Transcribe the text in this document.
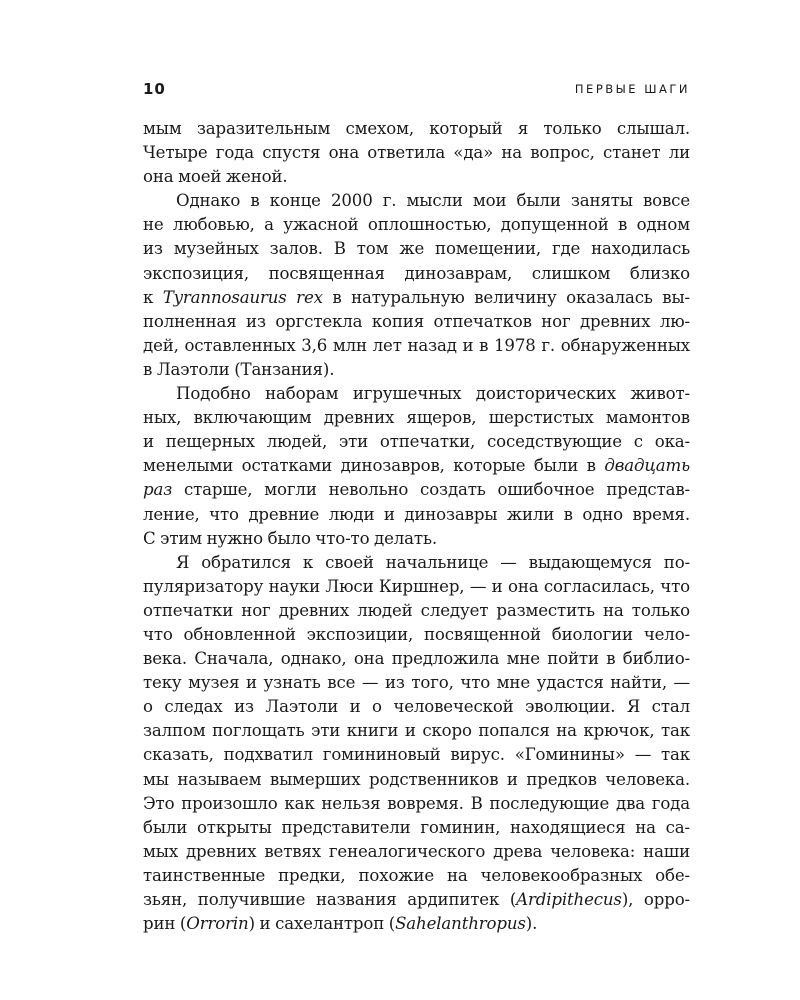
10	ПЕРВЫЕ ШАГИ

мым заразительным смехом, который я только слышал.

Четыре года спустя она ответила «да» на вопрос, станет ли

она моей женой.

Однако в конце 2000 г. мысли мои были заняты вовсе

не любовью, а ужасной оплошностью, допущенной в одном

из музейных залов. В том же помещении, где находилась

экспозиция, посвященная динозаврам, слишком близко

к Tyrannosaurus rex в натуральную величину оказалась вы-

полненная из оргстекла копия отпечатков ног древних лю-

дей, оставленных 3,6 млн лет назад и в 1978 г. обнаруженных

в Лаэтоли (Танзания).

Подобно наборам игрушечных доисторических живот-

ных, включающим древних ящеров, шерстистых мамонтов

и пещерных людей, эти отпечатки, соседствующие с ока-

менелыми остатками динозавров, которые были в двадцать

раз старше, могли невольно создать ошибочное представ-

ление, что древние люди и динозавры жили в одно время.

С этим нужно было что-то делать.

Я обратился к своей начальнице — выдающемуся по-

пуляризатору науки Люси Киршнер, — и она согласилась, что

отпечатки ног древних людей следует разместить на только

что обновленной экспозиции, посвященной биологии чело-

века. Сначала, однако, она предложила мне пойти в библио-

теку музея и узнать все — из того, что мне удастся найти, —

о следах из Лаэтоли и о человеческой эволюции. Я стал

залпом поглощать эти книги и скоро попался на крючок, так

сказать, подхватил гомининовый вирус. «Гоминины» — так

мы называем вымерших родственников и предков человека.

Это произошло как нельзя вовремя. В последующие два года

были открыты представители гоминин, находящиеся на са-

мых древних ветвях генеалогического древа человека: наши

таинственные предки, похожие на человекообразных обе-

зьян, получившие названия ардипитек (Ardipithecus), орро-

рин (Orrorin) и сахелантроп (Sahelanthropus).
